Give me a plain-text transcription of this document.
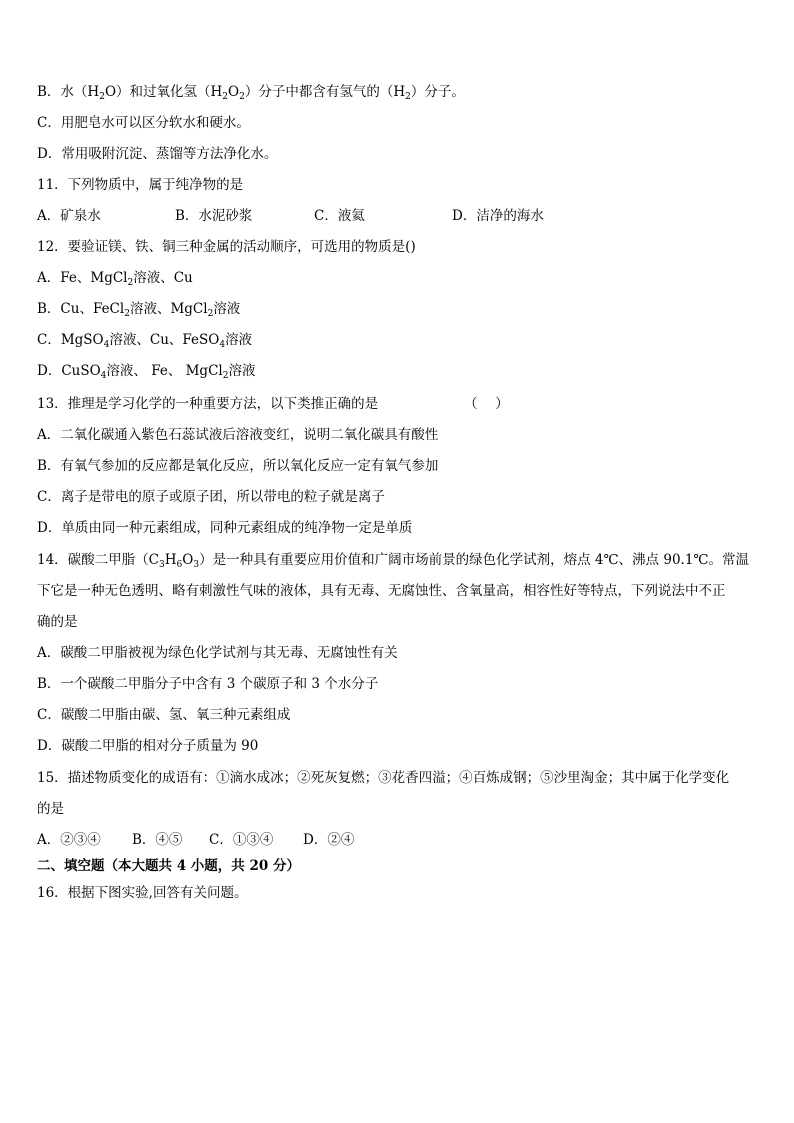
B．水$(H_2O)$和过氧化氢$(H_2O_2)$分子中都含有氢气的$(H_2)$分子。
C．用肥皂水可以区分软水和硬水。
D．常用吸附沉淀、蒸馏等方法净化水。
11．下列物质中，属于纯净物的是
A．矿泉水	B．水泥砂浆	C．液氦	D．洁净的海水
12．要验证镁、铁、铜三种金属的活动顺序，可选用的物质是()
A．Fe、MgCl$_2$溶液、Cu
B．Cu、FeCl$_2$溶液、MgCl$_2$溶液
C．MgSO$_4$溶液、Cu、FeSO$_4$溶液
D．CuSO$_4$溶液、 Fe、 MgCl$_2$溶液
13．推理是学习化学的一种重要方法，以下类推正确的是	（　 ）
A．二氧化碳通入紫色石蕊试液后溶液变红，说明二氧化碳具有酸性
B．有氧气参加的反应都是氧化反应，所以氧化反应一定有氧气参加
C．离子是带电的原子或原子团，所以带电的粒子就是离子
D．单质由同一种元素组成，同种元素组成的纯净物一定是单质
14．碳酸二甲脂$(C_3H_6O_3)$是一种具有重要应用价值和广阔市场前景的绿色化学试剂，熔点 4℃、沸点 90.1℃。常温
下它是一种无色透明、略有刺激性气味的液体，具有无毒、无腐蚀性、含氧量高，相容性好等特点，下列说法中不正
确的是
A．碳酸二甲脂被视为绿色化学试剂与其无毒、无腐蚀性有关
B．一个碳酸二甲脂分子中含有 3 个碳原子和 3 个水分子
C．碳酸二甲脂由碳、氢、氧三种元素组成
D．碳酸二甲脂的相对分子质量为 90
15．描述物质变化的成语有：①滴水成冰；②死灰复燃；③花香四溢；④百炼成钢；⑤沙里淘金；其中属于化学变化
的是
A．②③④ B．④⑤ C．①③④ D．②④
二、填空题（本大题共 4 小题，共 20 分）
16．根据下图实验,回答有关问题。
